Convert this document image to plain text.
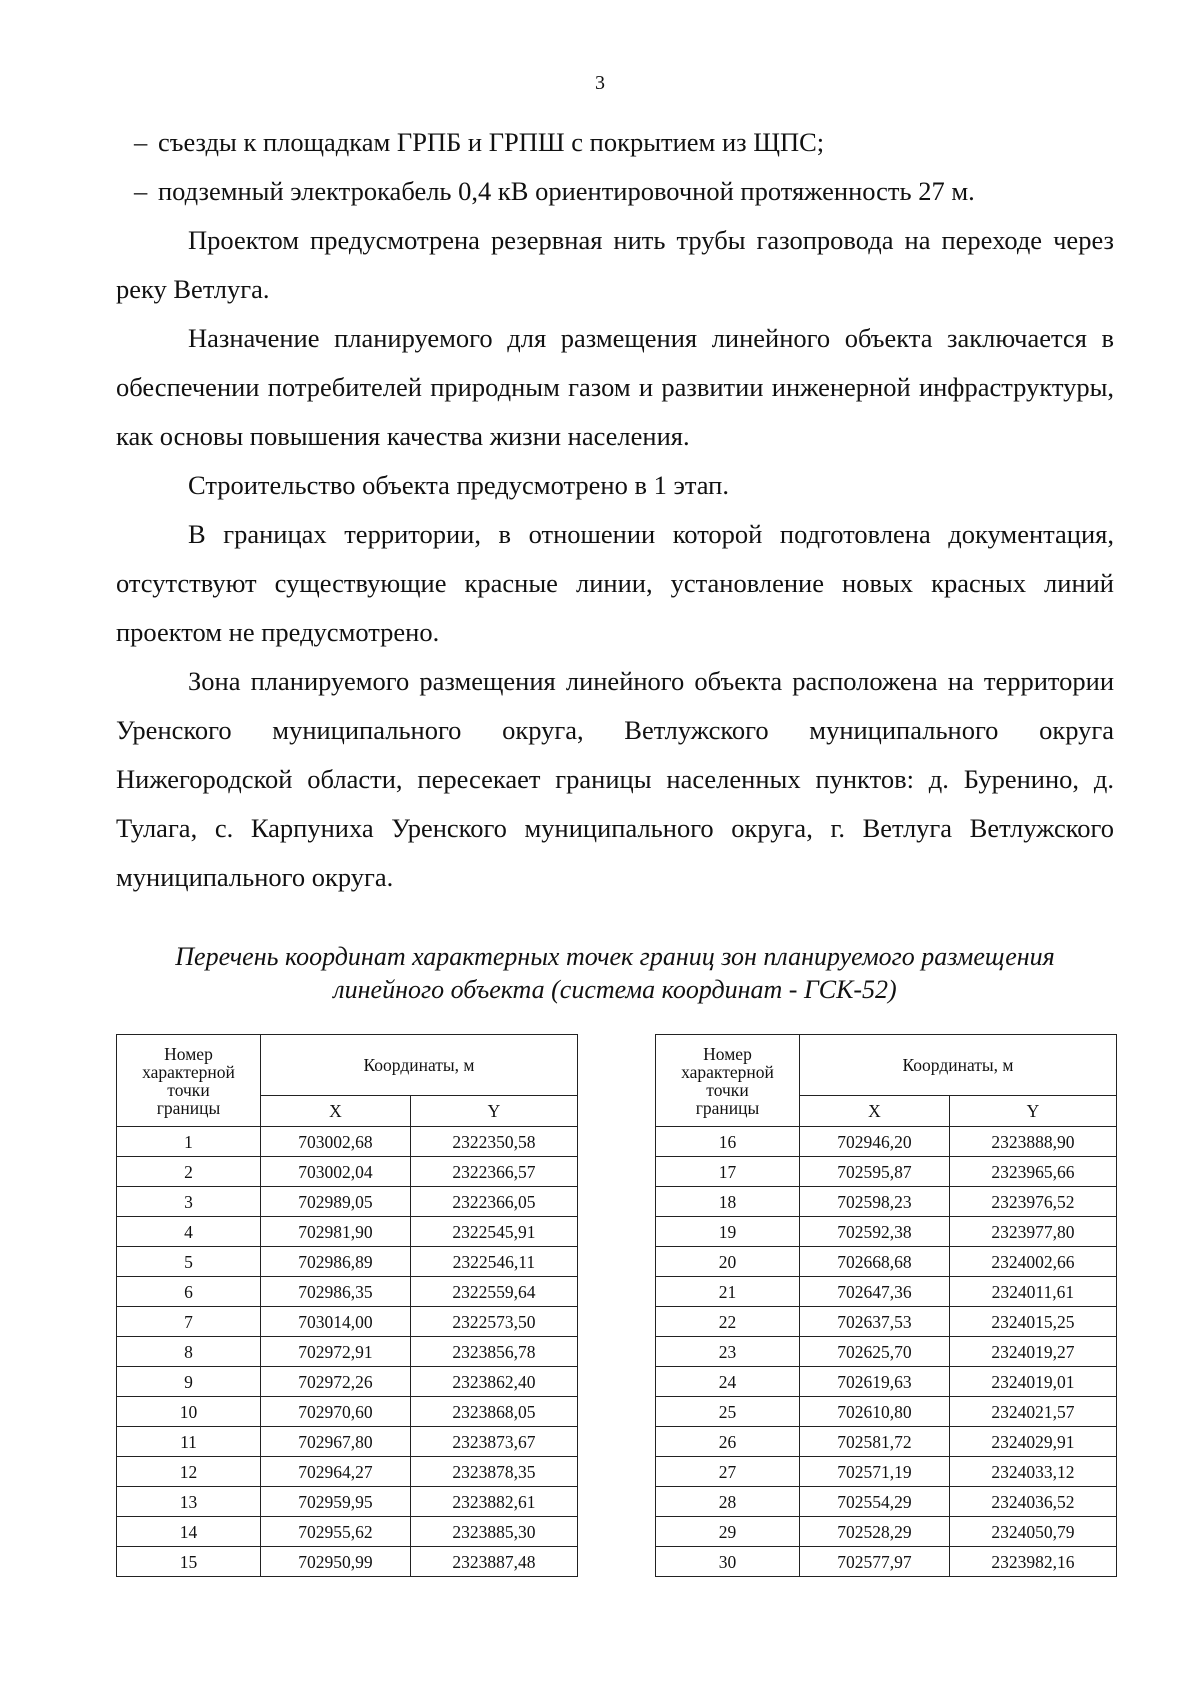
3

– съезды к площадкам ГРПБ и ГРПШ с покрытием из ЩПС;

– подземный электрокабель 0,4 кВ ориентировочной протяженность 27 м.

Проектом предусмотрена резервная нить трубы газопровода на переходе через реку Ветлуга.

Назначение планируемого для размещения линейного объекта заключается в обеспечении потребителей природным газом и развитии инженерной инфраструктуры, как основы повышения качества жизни населения.

Строительство объекта предусмотрено в 1 этап.

В границах территории, в отношении которой подготовлена документация, отсутствуют существующие красные линии, установление новых красных линий проектом не предусмотрено.

Зона планируемого размещения линейного объекта расположена на территории Уренского муниципального округа, Ветлужского муниципального округа Нижегородской области, пересекает границы населенных пунктов: д. Буренино, д. Тулага, с. Карпуниха Уренского муниципального округа, г. Ветлуга Ветлужского муниципального округа.

Перечень координат характерных точек границ зон планируемого размещения
линейного объекта (система координат - ГСК-52)
Номер
характерной
точки
границы	Координаты, м	
	X	Y
1	703002,68	2322350,58
2	703002,04	2322366,57
3	702989,05	2322366,05
4	702981,90	2322545,91
5	702986,89	2322546,11
6	702986,35	2322559,64
7	703014,00	2322573,50
8	702972,91	2323856,78
9	702972,26	2323862,40
10	702970,60	2323868,05
11	702967,80	2323873,67
12	702964,27	2323878,35
13	702959,95	2323882,61
14	702955,62	2323885,30
15	702950,99	2323887,48
Номер
характерной
точки
границы	Координаты, м	
	X	Y
16	702946,20	2323888,90
17	702595,87	2323965,66
18	702598,23	2323976,52
19	702592,38	2323977,80
20	702668,68	2324002,66
21	702647,36	2324011,61
22	702637,53	2324015,25
23	702625,70	2324019,27
24	702619,63	2324019,01
25	702610,80	2324021,57
26	702581,72	2324029,91
27	702571,19	2324033,12
28	702554,29	2324036,52
29	702528,29	2324050,79
30	702577,97	2323982,16
